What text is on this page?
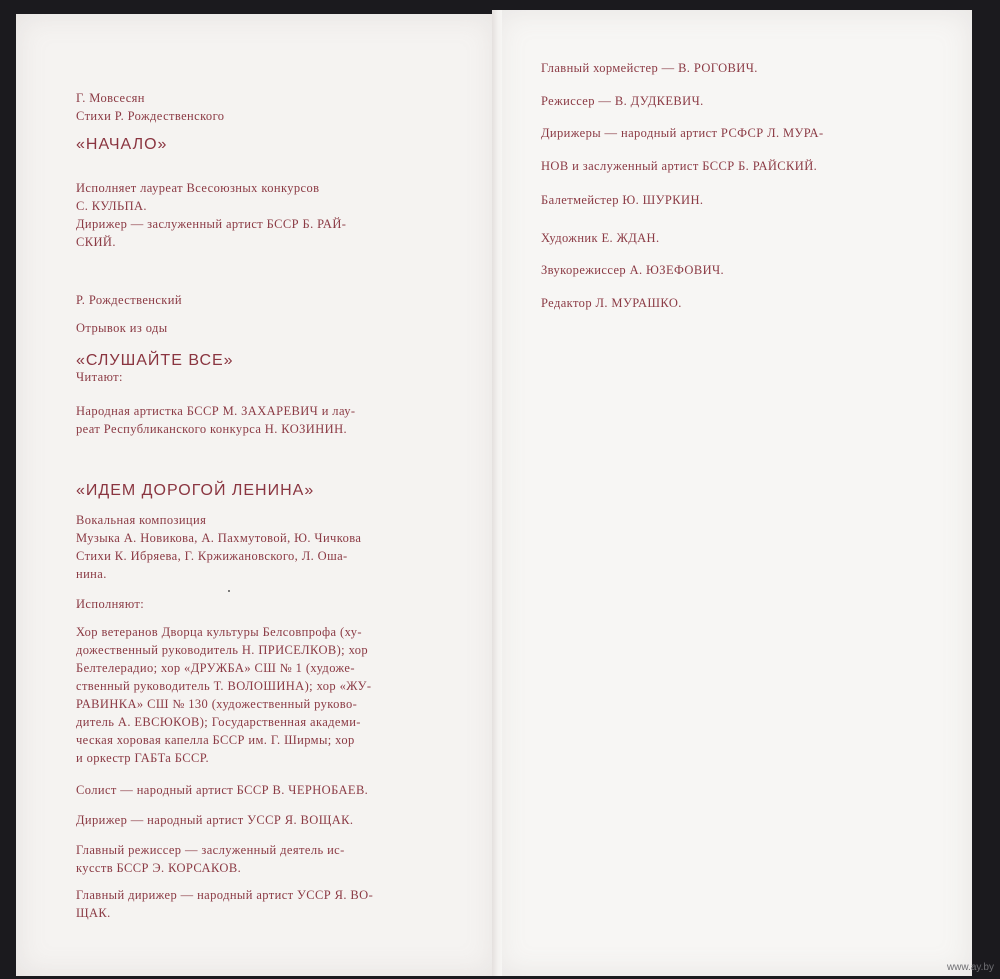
Г. Мовсесян
Стихи Р. Рождественского
«НАЧАЛО»
Исполняет лауреат Всесоюзных конкурсов
С. КУЛЬПА.
Дирижер — заслуженный артист БССР Б. РАЙ-
СКИЙ.
Р. Рождественский
Отрывок из оды
«СЛУШАЙТЕ ВСЕ»
Читают:
Народная артистка БССР М. ЗАХАРЕВИЧ и лау-
реат Республиканского конкурса Н. КОЗИНИН.
«ИДЕМ ДОРОГОЙ ЛЕНИНА»
Вокальная композиция
Музыка А. Новикова, А. Пахмутовой, Ю. Чичкова
Стихи К. Ибряева, Г. Кржижановского, Л. Оша-
нина.
Исполняют:
Хор ветеранов Дворца культуры Белсовпрофа (ху-
дожественный руководитель Н. ПРИСЕЛКОВ); хор
Белтелерадио; хор «ДРУЖБА» СШ № 1 (художе-
ственный руководитель Т. ВОЛОШИНА); хор «ЖУ-
РАВИНКА» СШ № 130 (художественный руково-
дитель А. ЕВСЮКОВ); Государственная академи-
ческая хоровая капелла БССР им. Г. Ширмы; хор
и оркестр ГАБТа БССР.
Солист — народный артист БССР В. ЧЕРНОБАЕВ.
Дирижер — народный артист УССР Я. ВОЩАК.
Главный режиссер — заслуженный деятель ис-
кусств БССР Э. КОРСАКОВ.
Главный дирижер — народный артист УССР Я. ВО-
ЩАК.
Главный хормейстер — В. РОГОВИЧ.
Режиссер — В. ДУДКЕВИЧ.
Дирижеры — народный артист РСФСР Л. МУРА-
НОВ и заслуженный артист БССР Б. РАЙСКИЙ.
Балетмейстер Ю. ШУРКИН.
Художник Е. ЖДАН.
Звукорежиссер А. ЮЗЕФОВИЧ.
Редактор Л. МУРАШКО.
www.ay.by
